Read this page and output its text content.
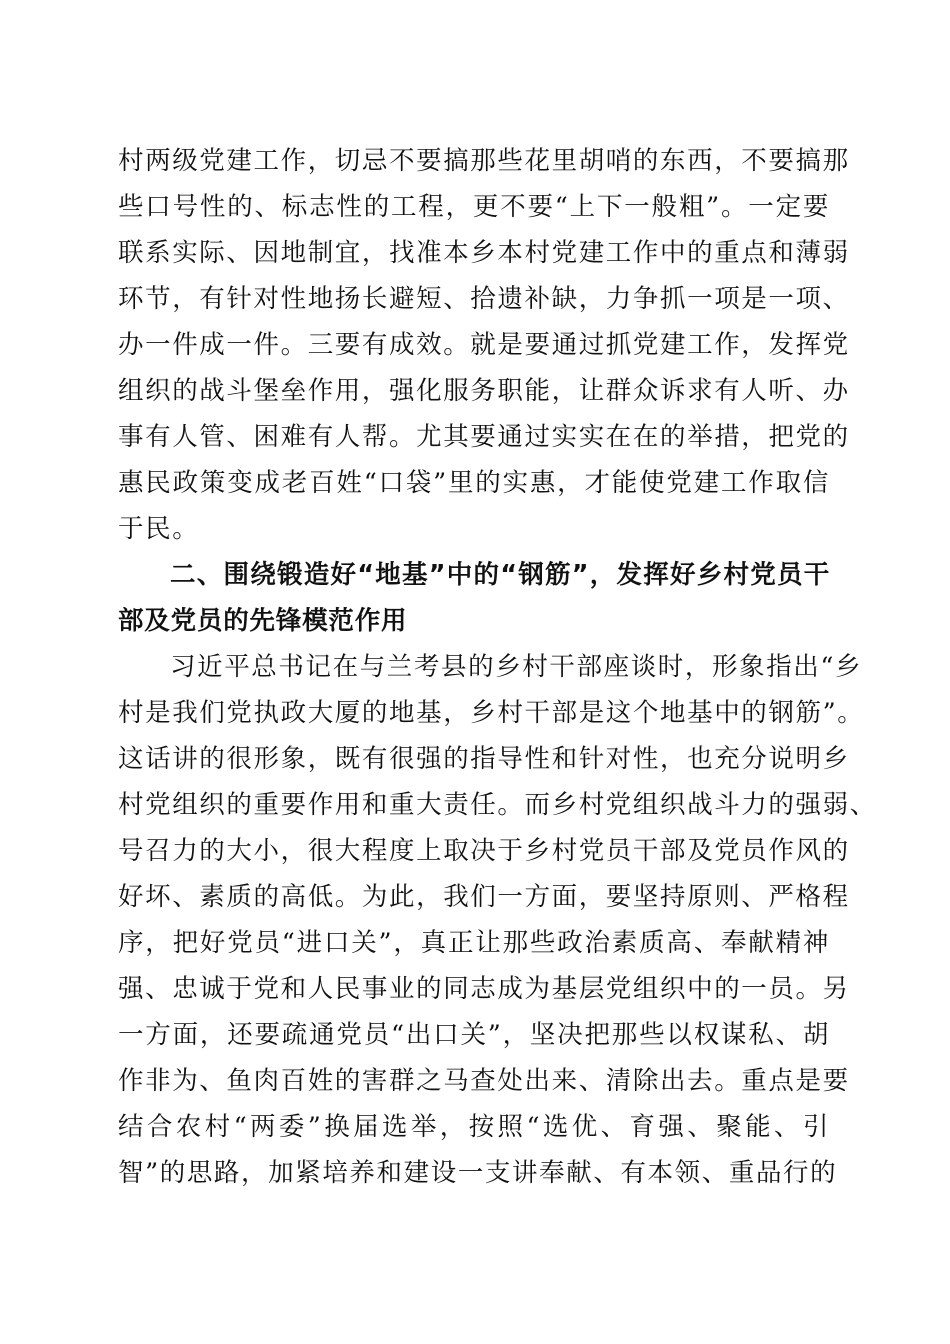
村两级党建工作，切忌不要搞那些花里胡哨的东西，不要搞那
些口号性的、标志性的工程，更不要“上下一般粗”。一定要
联系实际、因地制宜，找准本乡本村党建工作中的重点和薄弱
环节，有针对性地扬长避短、拾遗补缺，力争抓一项是一项、
办一件成一件。三要有成效。就是要通过抓党建工作，发挥党
组织的战斗堡垒作用，强化服务职能，让群众诉求有人听、办
事有人管、困难有人帮。尤其要通过实实在在的举措，把党的
惠民政策变成老百姓“口袋”里的实惠，才能使党建工作取信
于民。
二、围绕锻造好“地基”中的“钢筋”，发挥好乡村党员干
部及党员的先锋模范作用
习近平总书记在与兰考县的乡村干部座谈时，形象指出“乡
村是我们党执政大厦的地基，乡村干部是这个地基中的钢筋”。
这话讲的很形象，既有很强的指导性和针对性，也充分说明乡
村党组织的重要作用和重大责任。而乡村党组织战斗力的强弱、
号召力的大小，很大程度上取决于乡村党员干部及党员作风的
好坏、素质的高低。为此，我们一方面，要坚持原则、严格程
序，把好党员“进口关”，真正让那些政治素质高、奉献精神
强、忠诚于党和人民事业的同志成为基层党组织中的一员。另
一方面，还要疏通党员“出口关”，坚决把那些以权谋私、胡
作非为、鱼肉百姓的害群之马查处出来、清除出去。重点是要
结合农村“两委”换届选举，按照“选优、育强、聚能、引
智”的思路，加紧培养和建设一支讲奉献、有本领、重品行的
